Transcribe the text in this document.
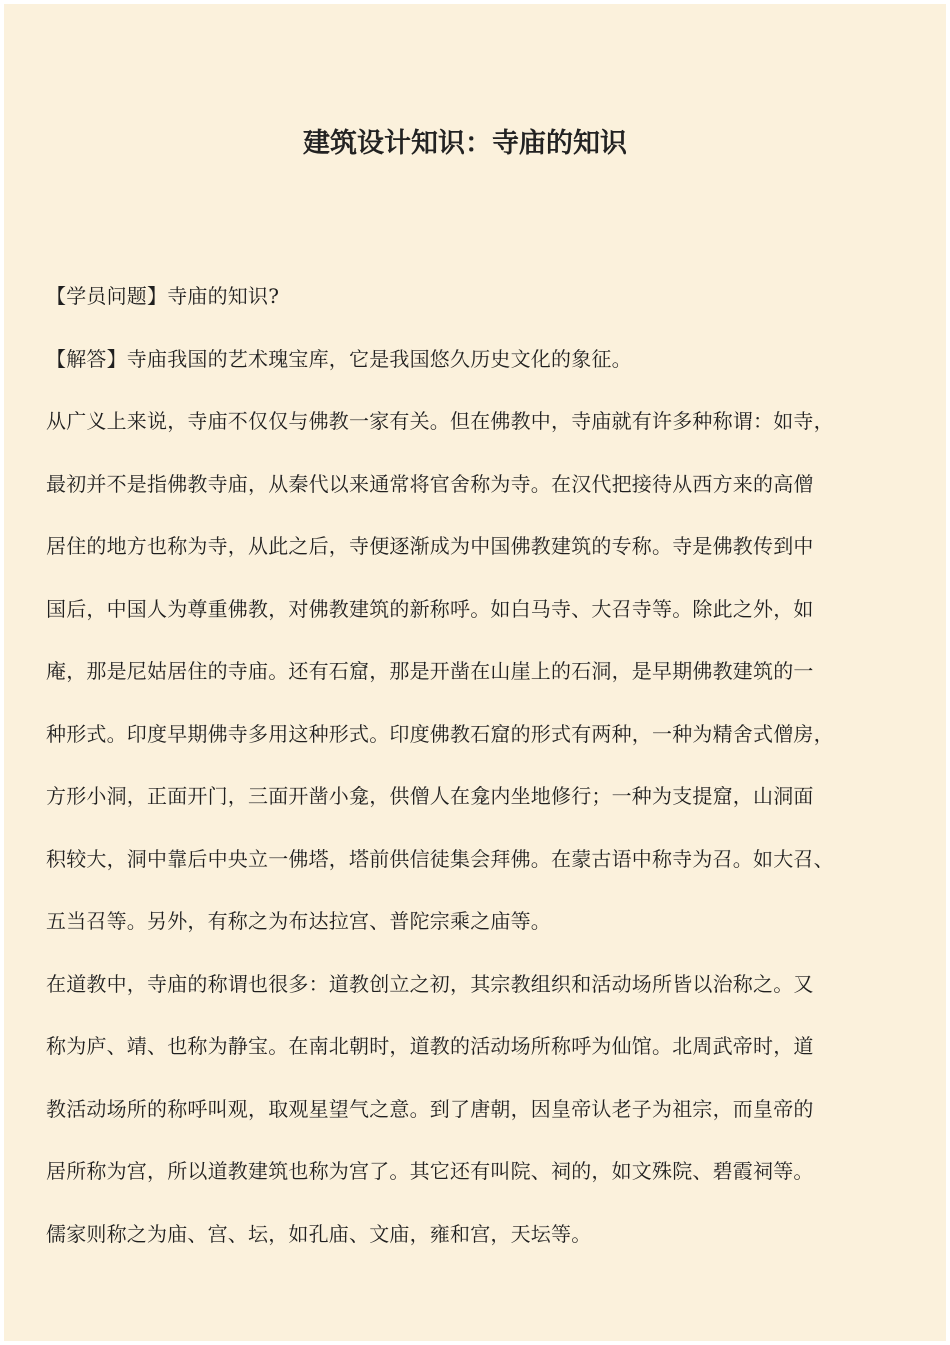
建筑设计知识：寺庙的知识

【学员问题】寺庙的知识?

【解答】寺庙我国的艺术瑰宝库，它是我国悠久历史文化的象征。

从广义上来说，寺庙不仅仅与佛教一家有关。但在佛教中，寺庙就有许多种称谓：如寺，
最初并不是指佛教寺庙，从秦代以来通常将官舍称为寺。在汉代把接待从西方来的高僧
居住的地方也称为寺，从此之后，寺便逐渐成为中国佛教建筑的专称。寺是佛教传到中
国后，中国人为尊重佛教，对佛教建筑的新称呼。如白马寺、大召寺等。除此之外，如
庵，那是尼姑居住的寺庙。还有石窟，那是开凿在山崖上的石洞，是早期佛教建筑的一
种形式。印度早期佛寺多用这种形式。印度佛教石窟的形式有两种，一种为精舍式僧房，
方形小洞，正面开门，三面开凿小龛，供僧人在龛内坐地修行；一种为支提窟，山洞面
积较大，洞中靠后中央立一佛塔，塔前供信徒集会拜佛。在蒙古语中称寺为召。如大召、
五当召等。另外，有称之为布达拉宫、普陀宗乘之庙等。
在道教中，寺庙的称谓也很多：道教创立之初，其宗教组织和活动场所皆以治称之。又
称为庐、靖、也称为静宝。在南北朝时，道教的活动场所称呼为仙馆。北周武帝时，道
教活动场所的称呼叫观，取观星望气之意。到了唐朝，因皇帝认老子为祖宗，而皇帝的
居所称为宫，所以道教建筑也称为宫了。其它还有叫院、祠的，如文殊院、碧霞祠等。
儒家则称之为庙、宫、坛，如孔庙、文庙，雍和宫，天坛等。
